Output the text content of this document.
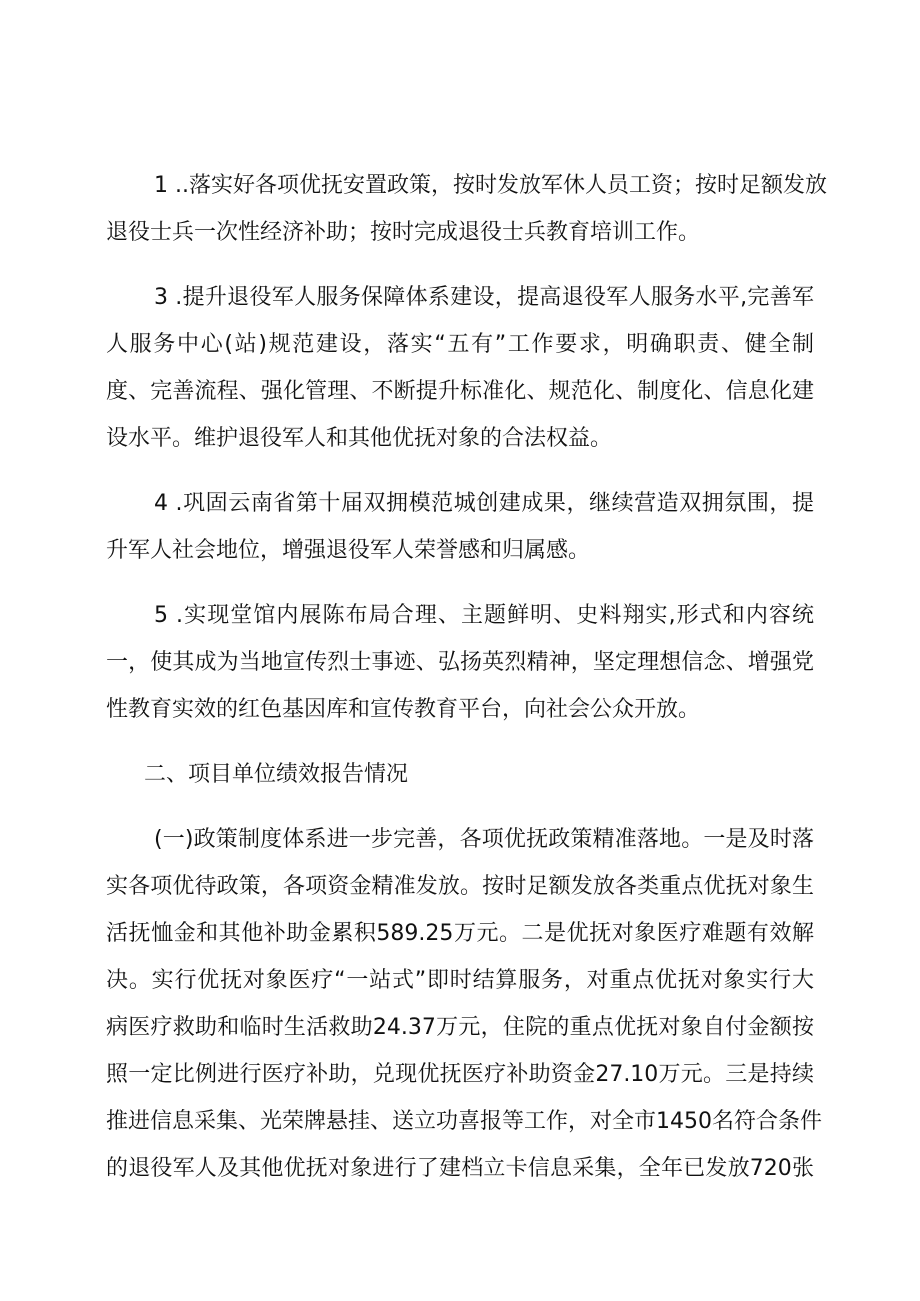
1 ..落实好各项优抚安置政策，按时发放军休人员工资；按时足额发放
退役士兵一次性经济补助；按时完成退役士兵教育培训工作。
3 .提升退役军人服务保障体系建设，提高退役军人服务水平,完善军
人服务中心(站)规范建设，落实“五有”工作要求，明确职责、健全制
度、完善流程、强化管理、不断提升标准化、规范化、制度化、信息化建
设水平。维护退役军人和其他优抚对象的合法权益。
4 .巩固云南省第十届双拥模范城创建成果，继续营造双拥氛围，提
升军人社会地位，增强退役军人荣誉感和归属感。
5 .实现堂馆内展陈布局合理、主题鲜明、史料翔实,形式和内容统
一，使其成为当地宣传烈士事迹、弘扬英烈精神，坚定理想信念、增强党
性教育实效的红色基因库和宣传教育平台，向社会公众开放。
二、项目单位绩效报告情况
(一)政策制度体系进一步完善，各项优抚政策精准落地。一是及时落
实各项优待政策，各项资金精准发放。按时足额发放各类重点优抚对象生
活抚恤金和其他补助金累积589.25万元。二是优抚对象医疗难题有效解
决。实行优抚对象医疗“一站式”即时结算服务，对重点优抚对象实行大
病医疗救助和临时生活救助24.37万元，住院的重点优抚对象自付金额按
照一定比例进行医疗补助，兑现优抚医疗补助资金27.10万元。三是持续
推进信息采集、光荣牌悬挂、送立功喜报等工作，对全市1450名符合条件
的退役军人及其他优抚对象进行了建档立卡信息采集，全年已发放720张
